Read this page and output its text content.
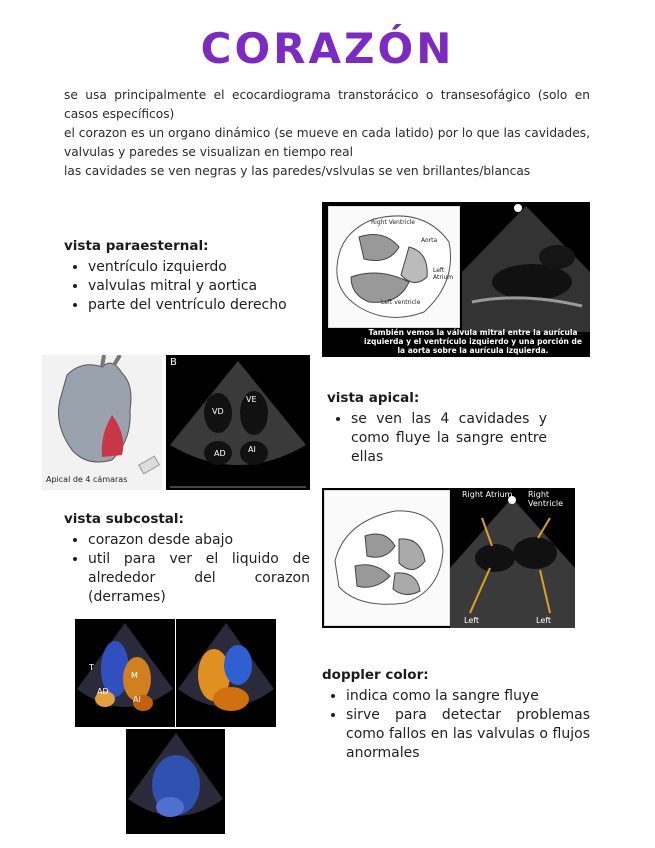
CORAZÓN

se usa principalmente el ecocardiograma transtorácico o transesofágico (solo en casos específicos)

el corazon es un organo dinámico (se mueve en cada latido) por lo que las cavidades, valvulas y paredes se visualizan en tiempo real

las cavidades se ven negras y las paredes/vslvulas se ven brillantes/blancas

vista paraesternal:
• ventrículo izquierdo
• valvulas mitral y aortica
• parte del ventrículo derecho
Right Ventricle
Aorta
Left Atrium
Left ventricle
También vemos la válvula mitral entre la aurícula izquierda y el ventrículo izquierdo y una porción de la aorta sobre la aurícula izquierda.
Apical de 4 cámaras
B
VD
VE
AD	AI
vista apical:
• se ven las 4 cavidades y como fluye la sangre entre ellas
vista subcostal:
• corazon desde abajo
• util para ver el liquido de alrededor del corazon (derrames)
Right Atrium Right Ventricle
Left	Left
T
M
AD
AI
doppler color:
• indica como la sangre fluye
• sirve para detectar problemas como fallos en las valvulas o flujos anormales
